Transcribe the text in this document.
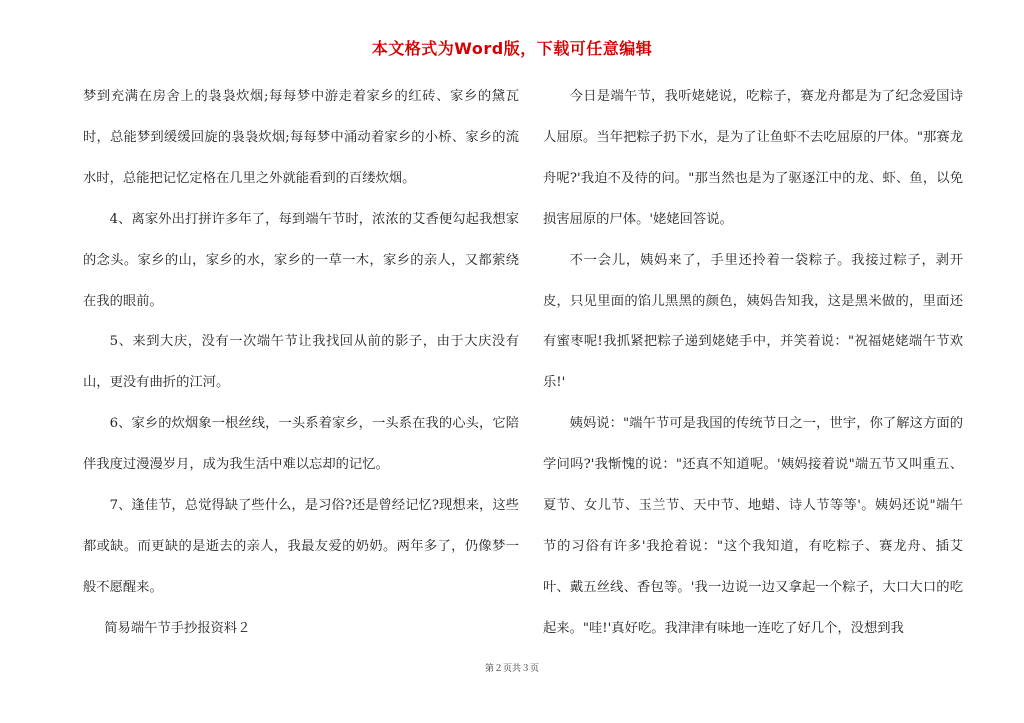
本文格式为Word版，下载可任意编辑

梦到充满在房舍上的袅袅炊烟;每每梦中游走着家乡的红砖、家乡的黛瓦时，总能梦到缓缓回旋的袅袅炊烟;每每梦中涌动着家乡的小桥、家乡的流水时，总能把记忆定格在几里之外就能看到的百缕炊烟。

4、离家外出打拼许多年了，每到端午节时，浓浓的艾香便勾起我想家的念头。家乡的山，家乡的水，家乡的一草一木，家乡的亲人，又都萦绕在我的眼前。

5、来到大庆，没有一次端午节让我找回从前的影子，由于大庆没有山，更没有曲折的江河。

6、家乡的炊烟象一根丝线，一头系着家乡，一头系在我的心头，它陪伴我度过漫漫岁月，成为我生活中难以忘却的记忆。

7、逢佳节，总觉得缺了些什么，是习俗?还是曾经记忆?现想来，这些都或缺。而更缺的是逝去的亲人，我最友爱的奶奶。两年多了，仍像梦一般不愿醒来。

简易端午节手抄报资料２

今日是端午节，我听姥姥说，吃粽子，赛龙舟都是为了纪念爱国诗人屈原。当年把粽子扔下水，是为了让鱼虾不去吃屈原的尸体。"那赛龙舟呢?'我迫不及待的问。"那当然也是为了驱逐江中的龙、虾、鱼，以免损害屈原的尸体。'姥姥回答说。

不一会儿，姨妈来了，手里还拎着一袋粽子。我接过粽子，剥开皮，只见里面的馅儿黑黑的颜色，姨妈告知我，这是黑米做的，里面还有蜜枣呢!我抓紧把粽子递到姥姥手中，并笑着说："祝福姥姥端午节欢乐!'

姨妈说："端午节可是我国的传统节日之一，世宇，你了解这方面的学问吗?'我惭愧的说："还真不知道呢。'姨妈接着说"端五节又叫重五、夏节、女儿节、玉兰节、天中节、地蜡、诗人节等等'。姨妈还说"端午节的习俗有许多'我抢着说："这个我知道，有吃粽子、赛龙舟、插艾叶、戴五丝线、香包等。'我一边说一边又拿起一个粽子，大口大口的吃起来。"哇!'真好吃。我津津有味地一连吃了好几个，没想到我

第２页共３页
